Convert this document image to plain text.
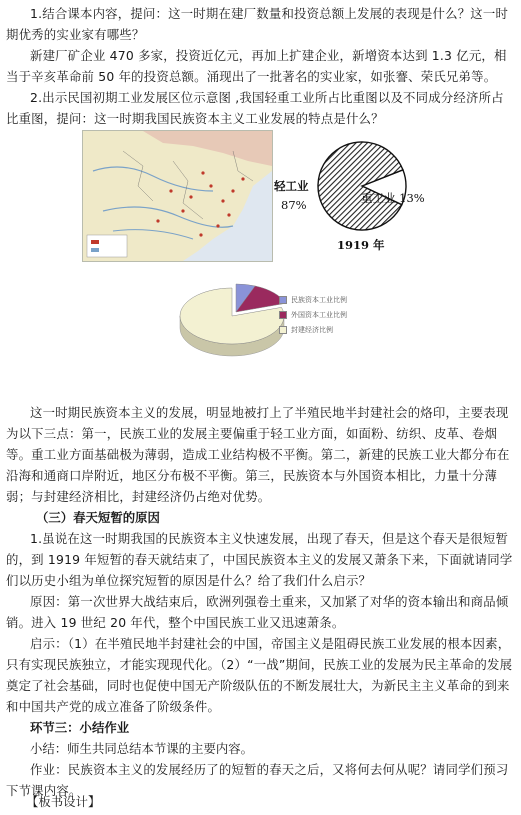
1.结合课本内容，提问：这一时期在建厂数量和投资总额上发展的表现是什么？这一时期优秀的实业家有哪些？

新建厂矿企业 470 多家，投资近亿元，再加上扩建企业，新增资本达到 1.3 亿元，相当于辛亥革命前 50 年的投资总额。涌现出了一批著名的实业家，如张謇、荣氏兄弟等。

2.出示民国初期工业发展区位示意图 ,我国轻重工业所占比重图以及不同成分经济所占比重图，提问：这一时期我国民族资本主义工业发展的特点是什么？

轻工业
87%	重工业 13%
1919 年
民族资本工业比例
外国资本工业比例
封建经济比例

这一时期民族资本主义的发展，明显地被打上了半殖民地半封建社会的烙印，主要表现为以下三点：第一，民族工业的发展主要偏重于轻工业方面，如面粉、纺织、皮革、卷烟等。重工业方面基础极为薄弱，造成工业结构极不平衡。第二，新建的民族工业大都分布在沿海和通商口岸附近，地区分布极不平衡。第三，民族资本与外国资本相比，力量十分薄弱；与封建经济相比，封建经济仍占绝对优势。

（三）春天短暂的原因

1.虽说在这一时期我国的民族资本主义快速发展，出现了春天，但是这个春天是很短暂的，到 1919 年短暂的春天就结束了，中国民族资本主义的发展又萧条下来，下面就请同学们以历史小组为单位探究短暂的原因是什么？给了我们什么启示？

原因：第一次世界大战结束后，欧洲列强卷土重来，又加紧了对华的资本输出和商品倾销。进入 19 世纪 20 年代，整个中国民族工业又迅速萧条。

启示：（1）在半殖民地半封建社会的中国，帝国主义是阻碍民族工业发展的根本因素，只有实现民族独立，才能实现现代化。（2）“一战”期间，民族工业的发展为民主革命的发展奠定了社会基础，同时也促使中国无产阶级队伍的不断发展壮大，为新民主主义革命的到来和中国共产党的成立准备了阶级条件。

环节三：小结作业

小结：师生共同总结本节课的主要内容。

作业：民族资本主义的发展经历了的短暂的春天之后，又将何去何从呢？请同学们预习下节课内容。

【板书设计】
